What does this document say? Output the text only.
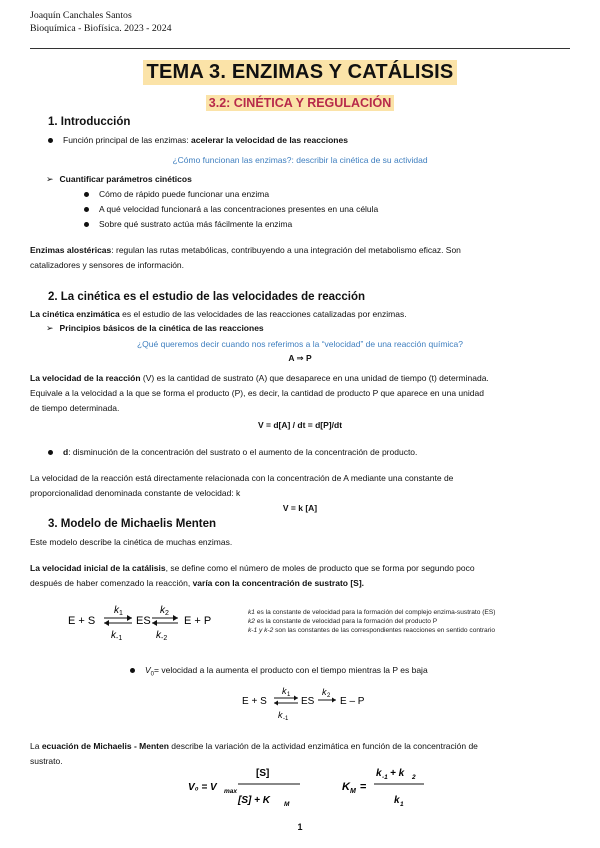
Joaquín Canchales Santos
Bioquímica - Biofísica. 2023 - 2024
TEMA 3. ENZIMAS Y CATÁLISIS
3.2: CINÉTICA Y REGULACIÓN
1. Introducción
Función principal de las enzimas: acelerar la velocidad de las reacciones
¿Cómo funcionan las enzimas?: describir la cinética de su actividad
➢ Cuantificar parámetros cinéticos
Cómo de rápido puede funcionar una enzima
A qué velocidad funcionará a las concentraciones presentes en una célula
Sobre qué sustrato actúa más fácilmente la enzima
Enzimas alostéricas: regulan las rutas metabólicas, contribuyendo a una integración del metabolismo eficaz. Son
catalizadores y sensores de información.
2. La cinética es el estudio de las velocidades de reacción
La cinética enzimática es el estudio de las velocidades de las reacciones catalizadas por enzimas.
➢ Principios básicos de la cinética de las reacciones
¿Qué queremos decir cuando nos referimos a la “velocidad” de una reacción química?
A ⇒ P
La velocidad de la reacción (V) es la cantidad de sustrato (A) que desaparece en una unidad de tiempo (t) determinada.
Equivale a la velocidad a la que se forma el producto (P), es decir, la cantidad de producto P que aparece en una unidad
de tiempo determinada.
V = d[A] / dt = d[P]/dt
d: disminución de la concentración del sustrato o el aumento de la concentración de producto.
La velocidad de la reacción está directamente relacionada con la concentración de A mediante una constante de
proporcionalidad denominada constante de velocidad: k
V = k [A]
3. Modelo de Michaelis Menten
Este modelo describe la cinética de muchas enzimas.
La velocidad inicial de la catálisis, se define como el número de moles de producto que se forma por segundo poco
después de haber comenzado la reacción, varía con la concentración de sustrato [S].
E + S
k 1
k -1
ES
k 2
k -2
E + P
k1 es la constante de velocidad para la formación del complejo enzima-sustrato (ES)
k2 es la constante de velocidad para la formación del producto P
k-1 y k-2 son las constantes de las correspondientes reacciones en sentido contrario
$V_0=$ velocidad a la aumenta el producto con el tiempo mientras la P es baja
E + S
k 1
k -1
ES
k 2 E – P
La ecuación de Michaelis - Menten describe la variación de la actividad enzimática en función de la concentración de
sustrato.
V₀ = V max
[S]
[S] + K M
K M =
k -1 + k 2
k 1
1
